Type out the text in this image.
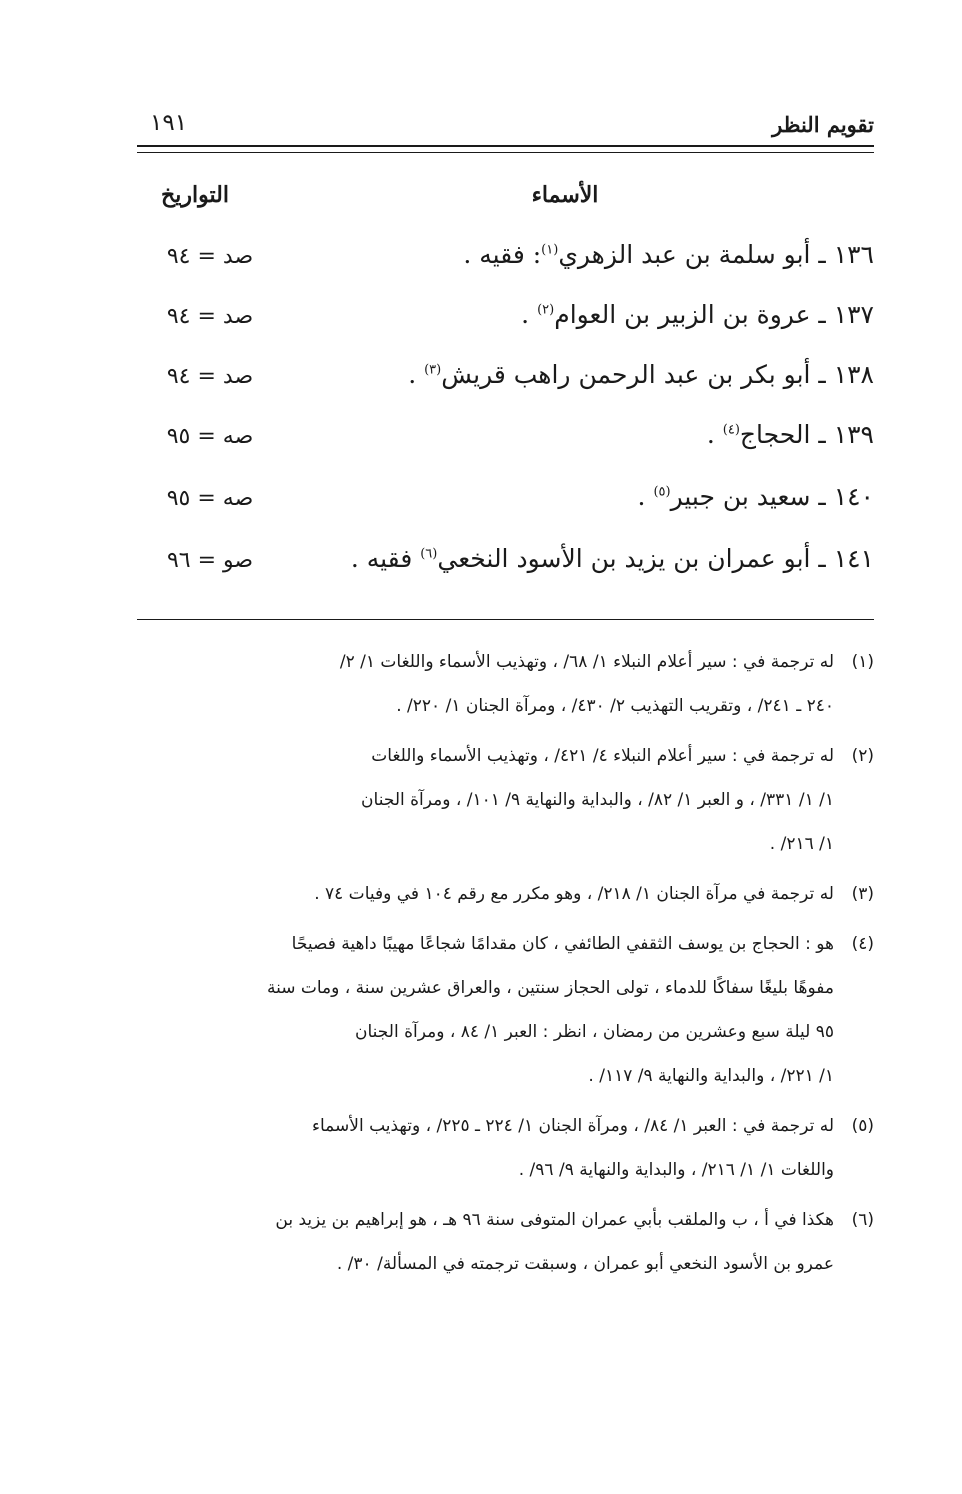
تقويم النظر
١٩١
الأسماء
التواريخ
١٣٦ ـ أبو سلمة بن عبد الزهري$^{(١)}$: فقيه .
صد = ٩٤
١٣٧ ـ عروة بن الزبير بن العوام$^{(٢)}$ .
صد = ٩٤
١٣٨ ـ أبو بكر بن عبد الرحمن راهب قريش$^{(٣)}$ .
صد = ٩٤
١٣٩ ـ الحجاج$^{(٤)}$ .
صه = ٩٥
١٤٠ ـ سعيد بن جبير$^{(٥)}$ .
صه = ٩٥
١٤١ ـ أبو عمران بن يزيد بن الأسود النخعي$^{(٦)}$ فقيه .
صو = ٩٦
(١)
له ترجمة في : سير أعلام النبلاء ١/ ٦٨/ ، وتهذيب الأسماء واللغات ١/ ٢/
٢٤٠ ـ ٢٤١/ ، وتقريب التهذيب ٢/ ٤٣٠/ ، ومرآة الجنان ١/ ٢٢٠/ .
(٢)
له ترجمة في : سير أعلام النبلاء ٤/ ٤٢١/ ، وتهذيب الأسماء واللغات
١/ ١/ ٣٣١/ ، و العبر ١/ ٨٢/ ، والبداية والنهاية ٩/ ١٠١/ ، ومرآة الجنان
١/ ٢١٦/ .
(٣)
له ترجمة في مرآة الجنان ١/ ٢١٨/ ، وهو مكرر مع رقم ١٠٤ في وفيات ٧٤ .
(٤)
هو : الحجاج بن يوسف الثقفي الطائفي ، كان مقدامًا شجاعًا مهيبًا داهية فصيحًا
مفوهًا بليغًا سفاكًا للدماء ، تولى الحجاز سنتين ، والعراق عشرين سنة ، ومات سنة
٩٥ ليلة سبع وعشرين من رمضان ، انظر : العبر ١/ ٨٤ ، ومرآة الجنان
١/ ٢٢١/ ، والبداية والنهاية ٩/ ١١٧/ .
(٥)
له ترجمة في : العبر ١/ ٨٤/ ، ومرآة الجنان ١/ ٢٢٤ ـ ٢٢٥/ ، وتهذيب الأسماء
واللغات ١/ ١/ ٢١٦/ ، والبداية والنهاية ٩/ ٩٦/ .
(٦)
هكذا في أ ، ب والملقب بأبي عمران المتوفى سنة ٩٦ هـ ، هو إبراهيم بن يزيد بن
عمرو بن الأسود النخعي أبو عمران ، وسبقت ترجمته في المسألة/ ٣٠/ .
